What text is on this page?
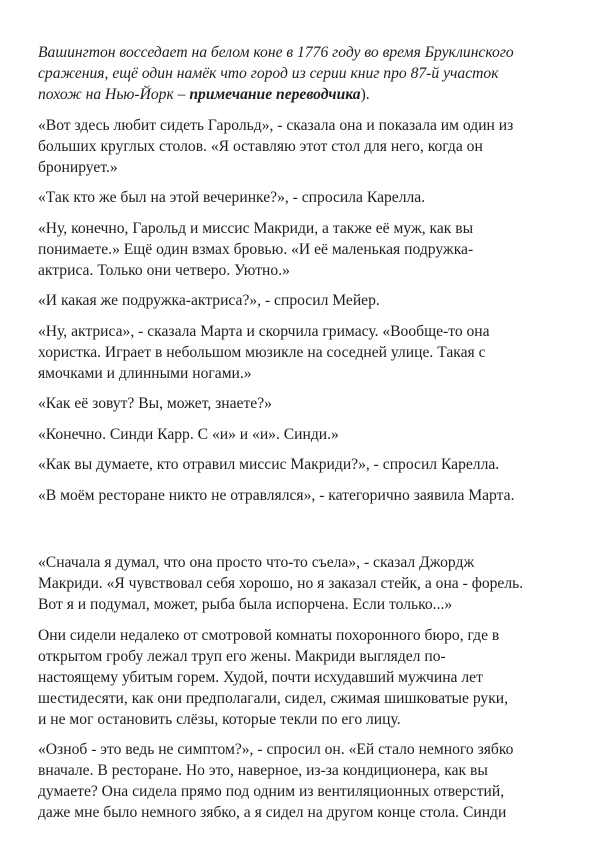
Вашингтон восседает на белом коне в 1776 году во время Бруклинского
сражения, ещё один намёк что город из серии книг про 87-й участок
похож на Нью-Йорк – примечание переводчика).
«Вот здесь любит сидеть Гарольд», - сказала она и показала им один из
больших круглых столов. «Я оставляю этот стол для него, когда он
бронирует.»
«Так кто же был на этой вечеринке?», - спросила Карелла.
«Ну, конечно, Гарольд и миссис Макриди, а также её муж, как вы
понимаете.» Ещё один взмах бровью. «И её маленькая подружка-
актриса. Только они четверо. Уютно.»
«И какая же подружка-актриса?», - спросил Мейер.
«Ну, актриса», - сказала Марта и скорчила гримасу. «Вообще-то она
хористка. Играет в небольшом мюзикле на соседней улице. Такая с
ямочками и длинными ногами.»
«Как её зовут? Вы, может, знаете?»
«Конечно. Синди Карр. С «и» и «и». Синди.»
«Как вы думаете, кто отравил миссис Макриди?», - спросил Карелла.
«В моём ресторане никто не отравлялся», - категорично заявила Марта.
«Сначала я думал, что она просто что-то съела», - сказал Джордж
Макриди. «Я чувствовал себя хорошо, но я заказал стейк, а она - форель.
Вот я и подумал, может, рыба была испорчена. Если только...»
Они сидели недалеко от смотровой комнаты похоронного бюро, где в
открытом гробу лежал труп его жены. Макриди выглядел по-
настоящему убитым горем. Худой, почти исхудавший мужчина лет
шестидесяти, как они предполагали, сидел, сжимая шишковатые руки,
и не мог остановить слёзы, которые текли по его лицу.
«Озноб - это ведь не симптом?», - спросил он. «Ей стало немного зябко
вначале. В ресторане. Но это, наверное, из-за кондиционера, как вы
думаете? Она сидела прямо под одним из вентиляционных отверстий,
даже мне было немного зябко, а я сидел на другом конце стола. Синди
